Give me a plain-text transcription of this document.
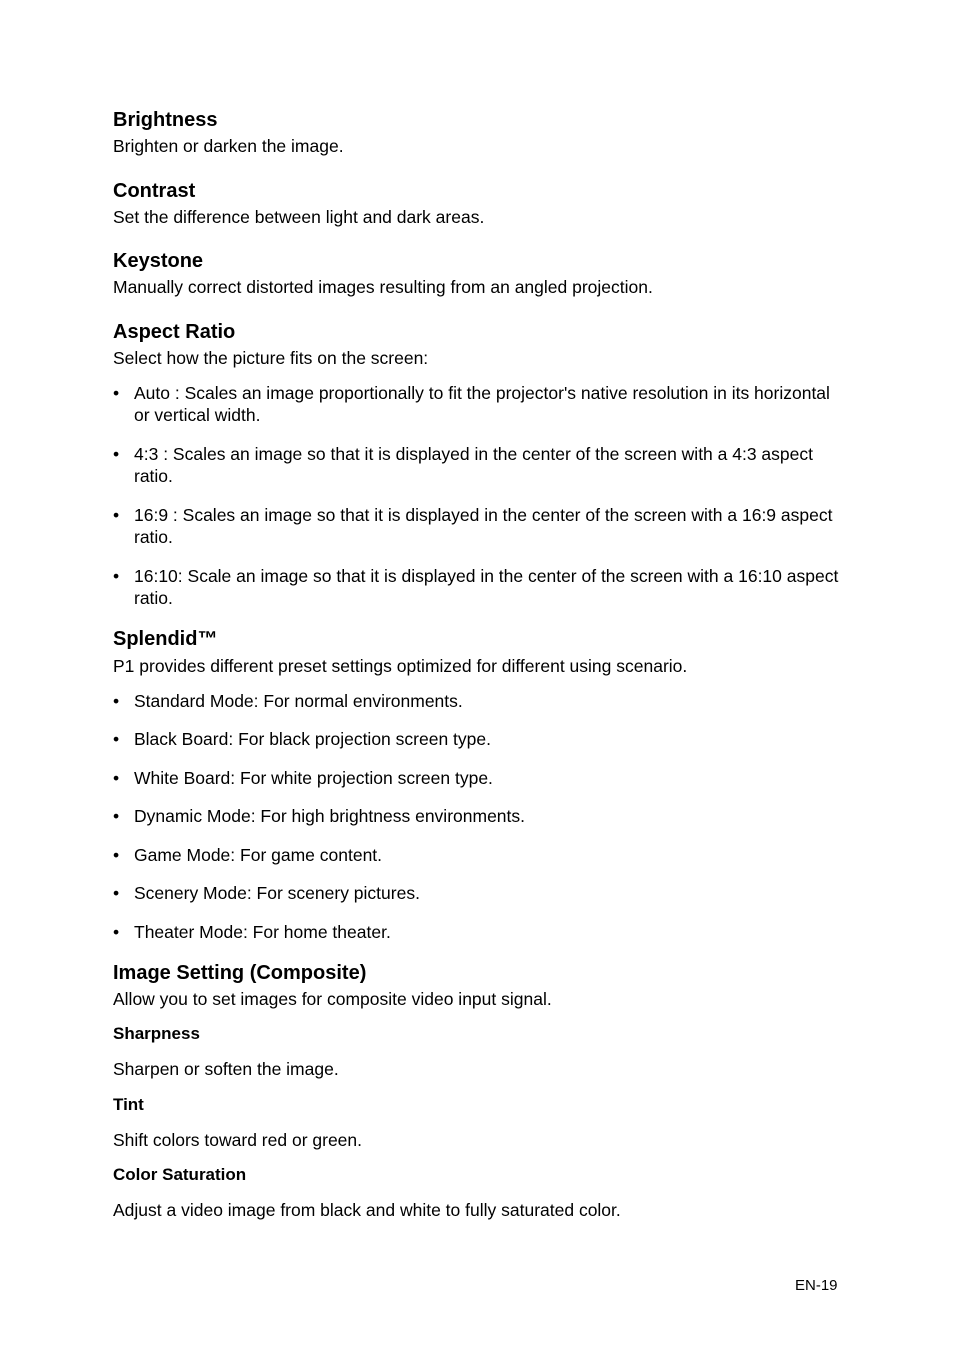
Brightness
Brighten or darken the image.
Contrast
Set the difference between light and dark areas.
Keystone
Manually correct distorted images resulting from an angled projection.
Aspect Ratio
Select how the picture fits on the screen:
• Auto : Scales an image proportionally to fit the projector's native resolution in its horizontal or vertical width.
• 4:3 : Scales an image so that it is displayed in the center of the screen with a 4:3 aspect ratio.
• 16:9 : Scales an image so that it is displayed in the center of the screen with a 16:9 aspect ratio.
• 16:10: Scale an image so that it is displayed in the center of the screen with a 16:10 aspect ratio.
Splendid™
P1 provides different preset settings optimized for different using scenario.
• Standard Mode: For normal environments.
• Black Board: For black projection screen type.
• White Board: For white projection screen type.
• Dynamic Mode: For high brightness environments.
• Game Mode: For game content.
• Scenery Mode: For scenery pictures.
• Theater Mode: For home theater.
Image Setting (Composite)
Allow you to set images for composite video input signal.
Sharpness
Sharpen or soften the image.
Tint
Shift colors toward red or green.
Color Saturation
Adjust a video image from black and white to fully saturated color.
EN-19
